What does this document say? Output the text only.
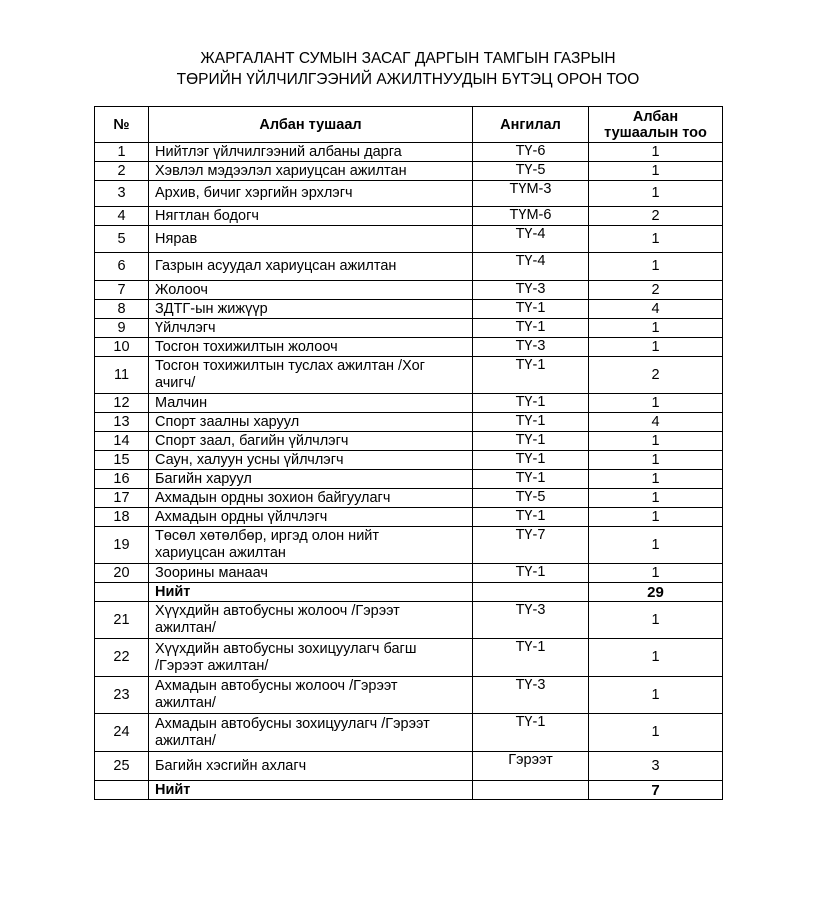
ЖАРГАЛАНТ СУМЫН ЗАСАГ ДАРГЫН ТАМГЫН ГАЗРЫН
ТӨРИЙН ҮЙЛЧИЛГЭЭНИЙ АЖИЛТНУУДЫН БҮТЭЦ ОРОН ТОО
№	Албан тушаал	Ангилал	Албан
тушаалын тоо

1	Нийтлэг үйлчилгээний албаны дарга	ТҮ-6	1
2	Хэвлэл мэдээлэл хариуцсан ажилтан	ТҮ-5	1
3	Архив, бичиг хэргийн эрхлэгч	ТҮМ-3	1
4	Нягтлан бодогч	ТҮМ-6	2
5	Нярав	ТҮ-4	1
6	Газрын асуудал хариуцсан ажилтан	ТҮ-4	1
7	Жолооч	ТҮ-3	2
8	ЗДТГ-ын жижүүр	ТҮ-1	4
9	Үйлчлэгч	ТҮ-1	1
10	Тосгон тохижилтын жолооч	ТҮ-3	1
11	Тосгон тохижилтын туслах ажилтан /Хог
ачигч/	ТҮ-1	2
12	Малчин	ТҮ-1	1
13	Спорт заалны харуул	ТҮ-1	4
14	Спорт заал, багийн үйлчлэгч	ТҮ-1	1
15	Саун, халуун усны үйлчлэгч	ТҮ-1	1
16	Багийн харуул	ТҮ-1	1
17	Ахмадын ордны зохион байгуулагч	ТҮ-5	1
18	Ахмадын ордны үйлчлэгч	ТҮ-1	1
19	Төсөл хөтөлбөр, иргэд олон нийт
хариуцсан ажилтан	ТҮ-7	1
20	Зоорины манаач	ТҮ-1	1
	Нийт		29
21	Хүүхдийн автобусны жолооч /Гэрээт
ажилтан/	ТҮ-3	1
22	Хүүхдийн автобусны зохицуулагч багш
/Гэрээт ажилтан/	ТҮ-1	1
23	Ахмадын автобусны жолооч /Гэрээт
ажилтан/	ТҮ-3	1
24	Ахмадын автобусны зохицуулагч /Гэрээт
ажилтан/	ТҮ-1	1
25	Багийн хэсгийн ахлагч	Гэрээт	3
	Нийт		7
